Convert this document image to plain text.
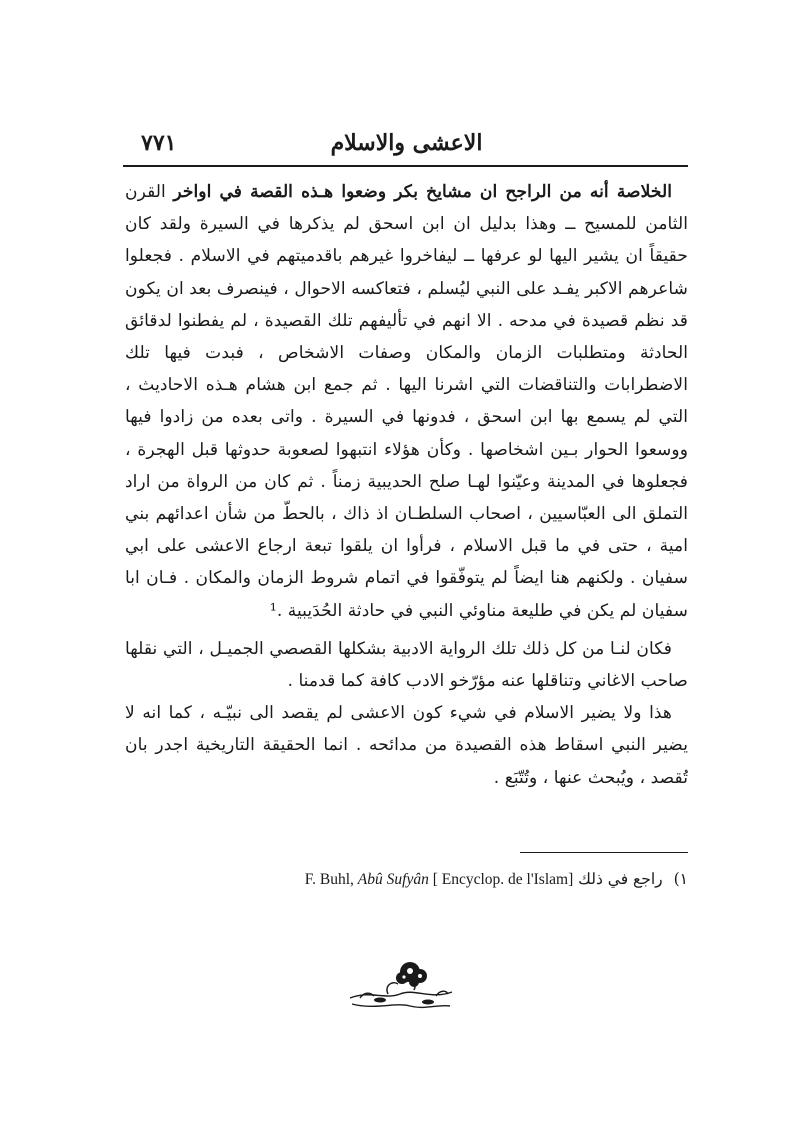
الاعشى والاسلام
٧٧١

الخلاصة أنه من الراجح ان مشايخ بكر وضعوا هـذه القصة في اواخر القرن الثامن للمسيح ــ وهذا بدليل ان ابن اسحق لم يذكرها في السيرة ولقد كان حقيقاً ان يشير اليها لو عرفها ــ ليفاخروا غيرهم باقدميتهم في الاسلام . فجعلوا شاعرهم الاكبر يفـد على النبي ليُسلم ، فتعاكسه الاحوال ، فينصرف بعد ان يكون قد نظم قصيدة في مدحه . الا انهم في تأليفهم تلك القصيدة ، لم يفطنوا لدقائق الحادثة ومتطلبات الزمان والمكان وصفات الاشخاص ، فبدت فيها تلك الاضطرابات والتناقضات التي اشرنا اليها . ثم جمع ابن هشام هـذه الاحاديث ، التي لم يسمع بها ابن اسحق ، فدونها في السيرة . واتى بعده من زادوا فيها ووسعوا الحوار بـين اشخاصها . وكأن هؤلاء انتبهوا لصعوبة حدوثها قبل الهجرة ، فجعلوها في المدينة وعيّنوا لهـا صلح الحديبية زمناً . ثم كان من الرواة من اراد التملق الى العبّاسيين ، اصحاب السلطـان اذ ذاك ، بالحطّ من شأن اعدائهم بني امية ، حتى في ما قبل الاسلام ، فرأوا ان يلقوا تبعة ارجاع الاعشى على ابي سفيان . ولكنهم هنا ايضاً لم يتوفّقوا في اتمام شروط الزمان والمكان . فـان ابا سفيان لم يكن في طليعة مناوئي النبي في حادثة الحُدَيبية .¹

فكان لنـا من كل ذلك تلك الرواية الادبية بشكلها القصصي الجميـل ، التي نقلها صاحب الاغاني وتناقلها عنه مؤرّخو الادب كافة كما قدمنا .

هذا ولا يضير الاسلام في شيء كون الاعشى لم يقصد الى نبيّـه ، كما انه لا يضير النبي اسقاط هذه القصيدة من مدائحه . انما الحقيقة التاريخية اجدر بان تُقصد ، ويُبحث عنها ، وتُتّبَع .

١) راجع في ذلك F. Buhl, Abû Sufyân [ Encyclop. de l'Islam]
